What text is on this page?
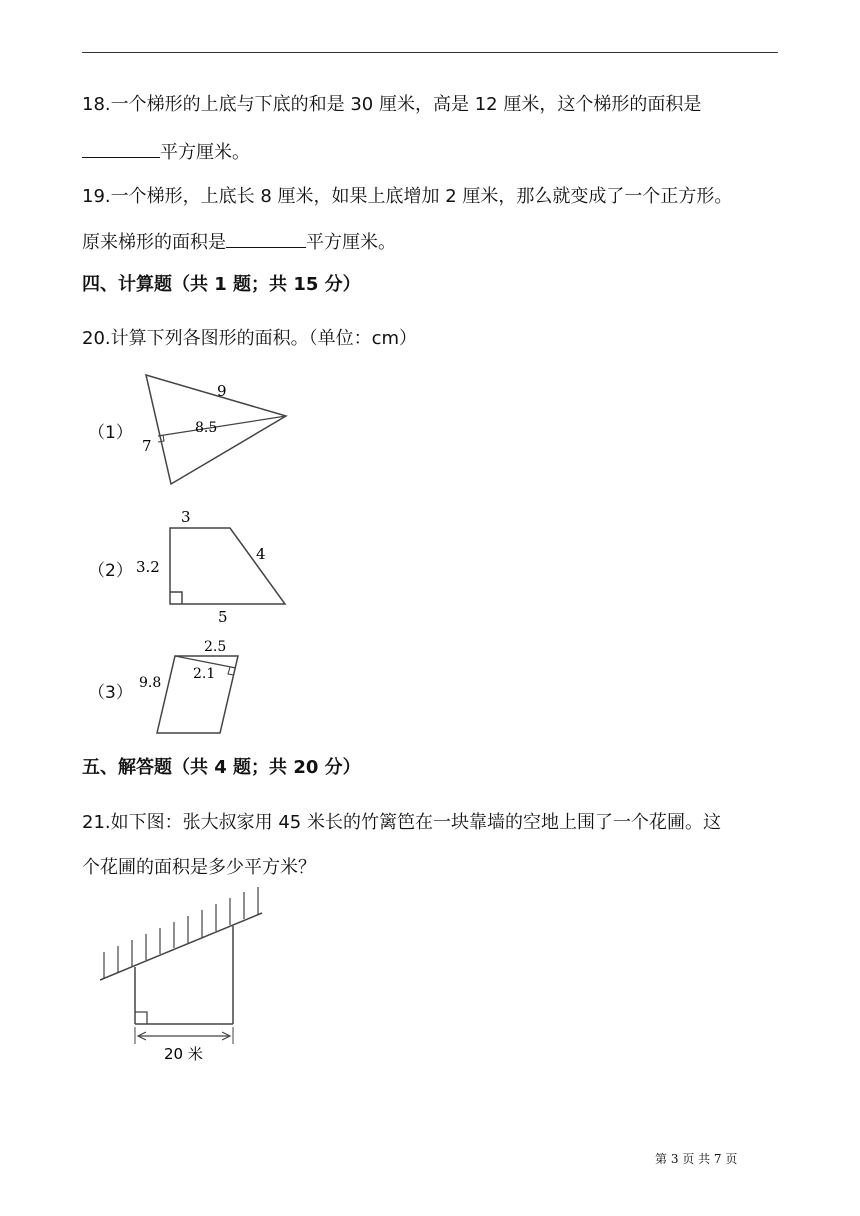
18.一个梯形的上底与下底的和是 30 厘米，高是 12 厘米，这个梯形的面积是
平方厘米。
19.一个梯形，上底长 8 厘米，如果上底增加 2 厘米，那么就变成了一个正方形。
原来梯形的面积是	平方厘米。
四、计算题（共 1 题；共 15 分）
20.计算下列各图形的面积。（单位：cm）
（1）
9
8.5
7
（2）
3
3.2
4
5
（3）
2.5
2.1
9.8
五、解答题（共 4 题；共 20 分）
21.如下图：张大叔家用 45 米长的竹篱笆在一块靠墙的空地上围了一个花圃。这
个花圃的面积是多少平方米？
20 米
第 3 页 共 7 页
